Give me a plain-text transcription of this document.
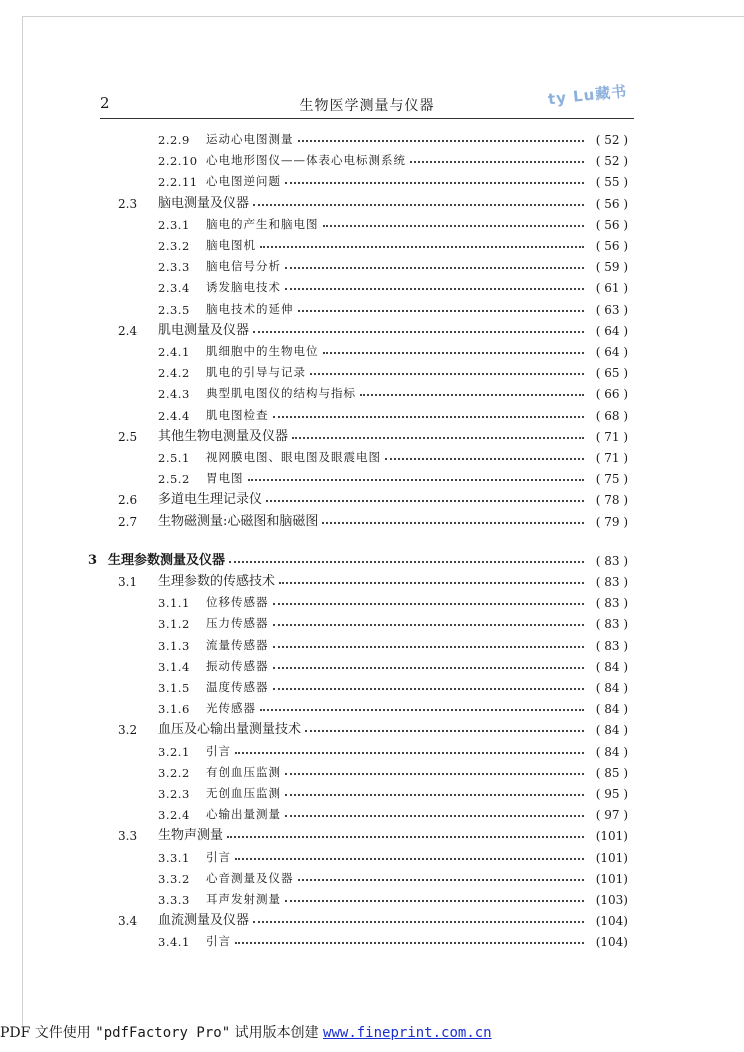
2	生物医学测量与仪器	ty Lu藏书
2.2.9	运动心电图测量	( 52 )
2.2.10 心电地形图仪——体表心电标测系统	( 52 )
2.2.11 心电图逆问题	( 55 )
2.3	脑电测量及仪器	( 56 )
2.3.1	脑电的产生和脑电图	( 56 )
2.3.2	脑电图机	( 56 )
2.3.3	脑电信号分析	( 59 )
2.3.4	诱发脑电技术	( 61 )
2.3.5	脑电技术的延伸	( 63 )
2.4	肌电测量及仪器	( 64 )
2.4.1	肌细胞中的生物电位	( 64 )
2.4.2	肌电的引导与记录	( 65 )
2.4.3	典型肌电图仪的结构与指标	( 66 )
2.4.4	肌电图检查	( 68 )
2.5	其他生物电测量及仪器	( 71 )
2.5.1	视网膜电图、眼电图及眼震电图	( 71 )
2.5.2	胃电图	( 75 )
2.6	多道电生理记录仪	( 78 )
2.7	生物磁测量:心磁图和脑磁图	( 79 )
3 生理参数测量及仪器	( 83 )
3.1	生理参数的传感技术	( 83 )
3.1.1	位移传感器	( 83 )
3.1.2	压力传感器	( 83 )
3.1.3	流量传感器	( 83 )
3.1.4	振动传感器	( 84 )
3.1.5	温度传感器	( 84 )
3.1.6	光传感器	( 84 )
3.2	血压及心输出量测量技术	( 84 )
3.2.1	引言	( 84 )
3.2.2	有创血压监测	( 85 )
3.2.3	无创血压监测	( 95 )
3.2.4	心输出量测量	( 97 )
3.3	生物声测量	(101)
3.3.1	引言	(101)
3.3.2	心音测量及仪器	(101)
3.3.3	耳声发射测量	(103)
3.4	血流测量及仪器	(104)
3.4.1	引言	(104)
PDF 文件使用 "pdfFactory Pro" 试用版本创建 www.fineprint.com.cn
